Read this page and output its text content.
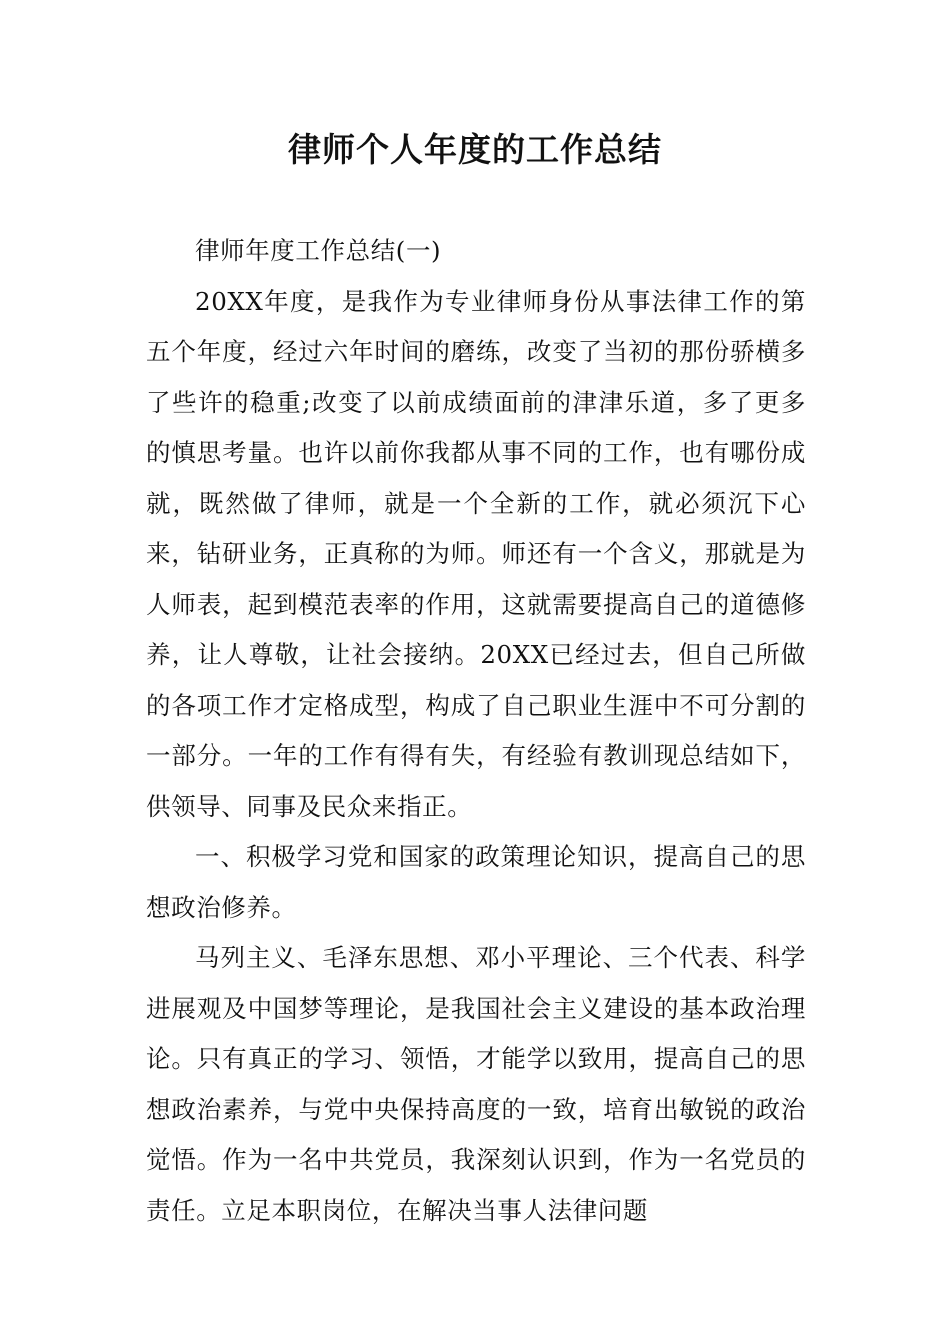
律师个人年度的工作总结

律师年度工作总结(一)

20XX年度，是我作为专业律师身份从事法律工作的第五个年度，经过六年时间的磨练，改变了当初的那份骄横多了些许的稳重;改变了以前成绩面前的津津乐道，多了更多的慎思考量。也许以前你我都从事不同的工作，也有哪份成就，既然做了律师，就是一个全新的工作，就必须沉下心来，钻研业务，正真称的为师。师还有一个含义，那就是为人师表，起到模范表率的作用，这就需要提高自己的道德修养，让人尊敬，让社会接纳。20XX已经过去，但自己所做的各项工作才定格成型，构成了自己职业生涯中不可分割的一部分。一年的工作有得有失，有经验有教训现总结如下，供领导、同事及民众来指正。

一、积极学习党和国家的政策理论知识，提高自己的思想政治修养。

马列主义、毛泽东思想、邓小平理论、三个代表、科学进展观及中国梦等理论，是我国社会主义建设的基本政治理论。只有真正的学习、领悟，才能学以致用，提高自己的思想政治素养，与党中央保持高度的一致，培育出敏锐的政治觉悟。作为一名中共党员，我深刻认识到，作为一名党员的责任。立足本职岗位，在解决当事人法律问题
